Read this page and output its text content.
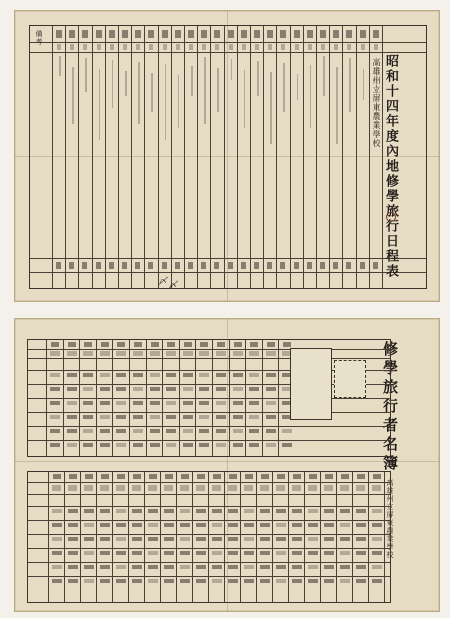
備考
昭和十四年度內地修學旅行日程表
高雄州立屏東農業學校
〆 〆
修學旅行者名簿
高雄州立屏東農業學校
